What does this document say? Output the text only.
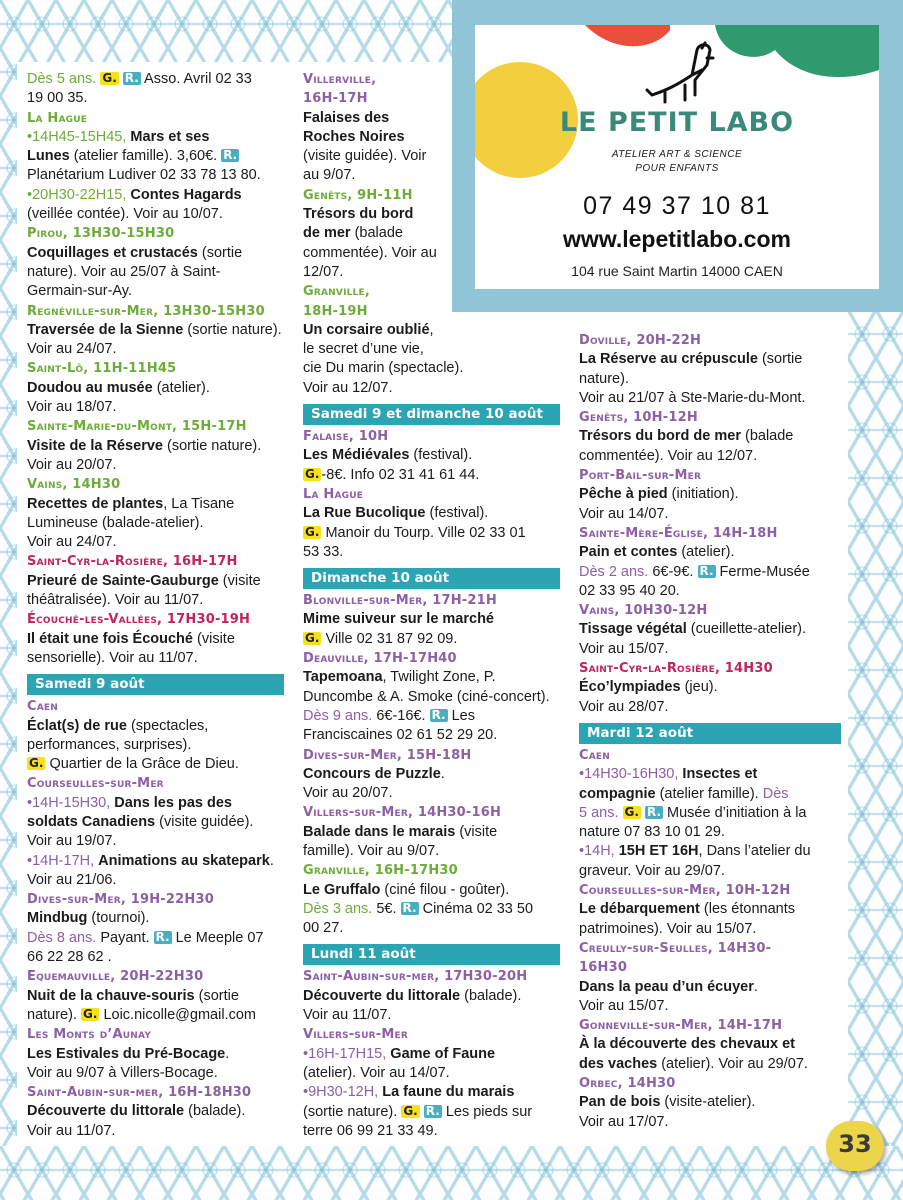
LE PETIT LABO
ATELIER ART & SCIENCE
POUR ENFANTS
07 49 37 10 81
www.lepetitlabo.com
104 rue Saint Martin 14000 CAEN

Dès 5 ans. G. R. Asso. Avril 02 33

19 00 35.

La Hague

•14H45-15H45, Mars et ses

Lunes (atelier famille). 3,60€. R.

Planétarium Ludiver 02 33 78 13 80.

•20H30-22H15, Contes Hagards

(veillée contée). Voir au 10/07.

Pirou, 13H30-15H30

Coquillages et crustacés (sortie

nature). Voir au 25/07 à Saint-

Germain-sur-Ay.

Regnéville-sur-Mer, 13H30-15H30

Traversée de la Sienne (sortie nature).

Voir au 24/07.

Saint-Lô, 11H-11H45

Doudou au musée (atelier).

Voir au 18/07.

Sainte-Marie-du-Mont, 15H-17H

Visite de la Réserve (sortie nature).

Voir au 20/07.

Vains, 14H30

Recettes de plantes, La Tisane

Lumineuse (balade-atelier).

Voir au 24/07.

Saint-Cyr-la-Rosière, 16H-17H

Prieuré de Sainte-Gauburge (visite

théâtralisée). Voir au 11/07.

Écouché-les-Vallées, 17H30-19H

Il était une fois Écouché (visite

sensorielle). Voir au 11/07.

Samedi 9 août

Caen

Éclat(s) de rue (spectacles,

performances, surprises).

G. Quartier de la Grâce de Dieu.

Courseulles-sur-Mer

•14H-15H30, Dans les pas des

soldats Canadiens (visite guidée).

Voir au 19/07.

•14H-17H, Animations au skatepark.

Voir au 21/06.

Dives-sur-Mer, 19H-22H30

Mindbug (tournoi).

Dès 8 ans. Payant. R. Le Meeple 07

66 22 28 62 .

Equemauville, 20H-22H30

Nuit de la chauve-souris (sortie

nature). G. Loic.nicolle@gmail.com

Les Monts d’Aunay

Les Estivales du Pré-Bocage.

Voir au 9/07 à Villers-Bocage.

Saint-Aubin-sur-mer, 16H-18H30

Découverte du littorale (balade).

Voir au 11/07.

Villerville,

16H-17H

Falaises des

Roches Noires

(visite guidée). Voir

au 9/07.

Genêts, 9H-11H

Trésors du bord

de mer (balade

commentée). Voir au

12/07.

Granville,

18H-19H

Un corsaire oublié,

le secret d’une vie,

cie Du marin (spectacle).

Voir au 12/07.

Samedi 9 et dimanche 10 août

Falaise, 10H

Les Médiévales (festival).

G. -8€. Info 02 31 41 61 44.

La Hague

La Rue Bucolique (festival).

G. Manoir du Tourp. Ville 02 33 01

53 33.

Dimanche 10 août

Blonville-sur-Mer, 17H-21H

Mime suiveur sur le marché

G. Ville 02 31 87 92 09.

Deauville, 17H-17H40

Tapemoana, Twilight Zone, P.

Duncombe & A. Smoke (ciné-concert).

Dès 9 ans. 6€-16€. R. Les

Franciscaines 02 61 52 29 20.

Dives-sur-Mer, 15H-18H

Concours de Puzzle.

Voir au 20/07.

Villers-sur-Mer, 14H30-16H

Balade dans le marais (visite

famille). Voir au 9/07.

Granville, 16H-17H30

Le Gruffalo (ciné filou - goûter).

Dès 3 ans. 5€. R. Cinéma 02 33 50

00 27.

Lundi 11 août

Saint-Aubin-sur-mer, 17H30-20H

Découverte du littorale (balade).

Voir au 11/07.

Villers-sur-Mer

•16H-17H15, Game of Faune

(atelier). Voir au 14/07.

•9H30-12H, La faune du marais

(sortie nature). G. R. Les pieds sur

terre 06 99 21 33 49.

Doville, 20H-22H

La Réserve au crépuscule (sortie

nature).

Voir au 21/07 à Ste-Marie-du-Mont.

Genêts, 10H-12H

Trésors du bord de mer (balade

commentée). Voir au 12/07.

Port-Bail-sur-Mer

Pêche à pied (initiation).

Voir au 14/07.

Sainte-Mère-Église, 14H-18H

Pain et contes (atelier).

Dès 2 ans. 6€-9€. R. Ferme-Musée

02 33 95 40 20.

Vains, 10H30-12H

Tissage végétal (cueillette-atelier).

Voir au 15/07.

Saint-Cyr-la-Rosière, 14H30

Éco’lympiades (jeu).

Voir au 28/07.

Mardi 12 août

Caen

•14H30-16H30, Insectes et

compagnie (atelier famille). Dès

5 ans. G. R. Musée d’initiation à la

nature 07 83 10 01 29.

•14H, 15H ET 16H, Dans l’atelier du

graveur. Voir au 29/07.

Courseulles-sur-Mer, 10H-12H

Le débarquement (les étonnants

patrimoines). Voir au 15/07.

Creully-sur-Seulles, 14H30-

16H30

Dans la peau d’un écuyer.

Voir au 15/07.

Gonneville-sur-Mer, 14H-17H

À la découverte des chevaux et

des vaches (atelier). Voir au 29/07.

Orbec, 14H30

Pan de bois (visite-atelier).

Voir au 17/07.

33
